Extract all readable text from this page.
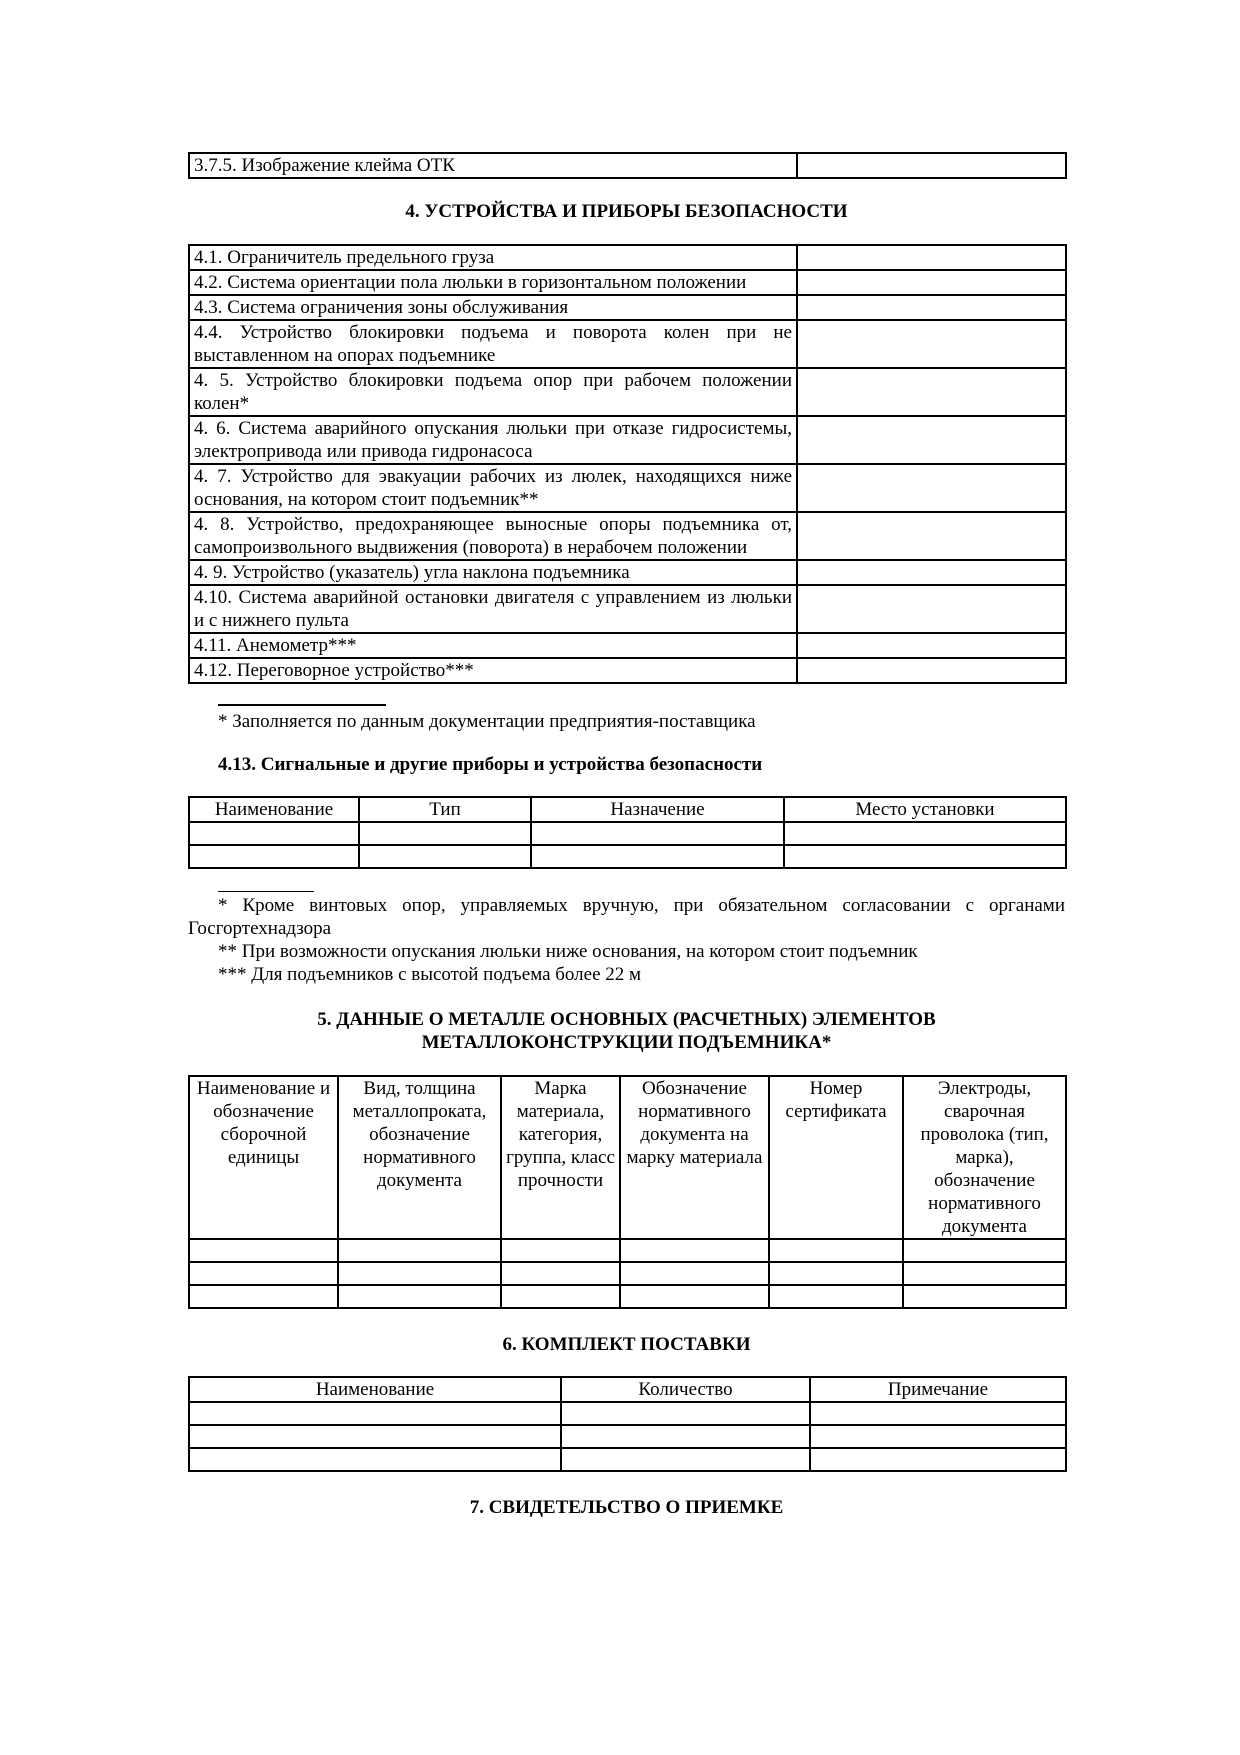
3.7.5. Изображение клейма ОТК	
4. УСТРОЙСТВА И ПРИБОРЫ БЕЗОПАСНОСТИ
4.1. Ограничитель предельного груза	
4.2. Система ориентации пола люльки в горизонтальном положении	
4.3. Система ограничения зоны обслуживания	
4.4. Устройство блокировки подъема и поворота колен при не выставленном на опорах подъемнике	
4. 5. Устройство блокировки подъема опор при рабочем положении колен*	
4. 6. Система аварийного опускания люльки при отказе гидросистемы, электропривода или привода гидронасоса	
4. 7. Устройство для эвакуации рабочих из люлек, находящихся ниже основания, на котором стоит подъемник**	
4. 8. Устройство, предохраняющее выносные опоры подъемника от, самопроизвольного выдвижения (поворота) в нерабочем положении	
4. 9. Устройство (указатель) угла наклона подъемника	
4.10. Система аварийной остановки двигателя с управлением из люльки и с нижнего пульта	
4.11. Анемометр***	
4.12. Переговорное устройство***	

* Заполняется по данным документации предприятия-поставщика

4.13. Сигнальные и другие приборы и устройства безопасности

Наименование	Тип	Назначение	Место установки

* Кроме винтовых опор, управляемых вручную, при обязательном согласовании с органами Госгортехнадзора

** При возможности опускания люльки ниже основания, на котором стоит подъемник

*** Для подъемников с высотой подъема более 22 м

5. ДАННЫЕ О МЕТАЛЛЕ ОСНОВНЫХ (РАСЧЕТНЫХ) ЭЛЕМЕНТОВ
МЕТАЛЛОКОНСТРУКЦИИ ПОДЪЕМНИКА*
Наименование и обозначение сборочной единицы	Вид, толщина металлопроката, обозначение нормативного документа	Марка материала, категория, группа, класс прочности	Обозначение нормативного документа на марку материала	Номер сертификата	Электроды, сварочная проволока (тип, марка), обозначение нормативного документа

6. КОМПЛЕКТ ПОСТАВКИ
Наименование	Количество	Примечание

7. СВИДЕТЕЛЬСТВО О ПРИЕМКЕ
